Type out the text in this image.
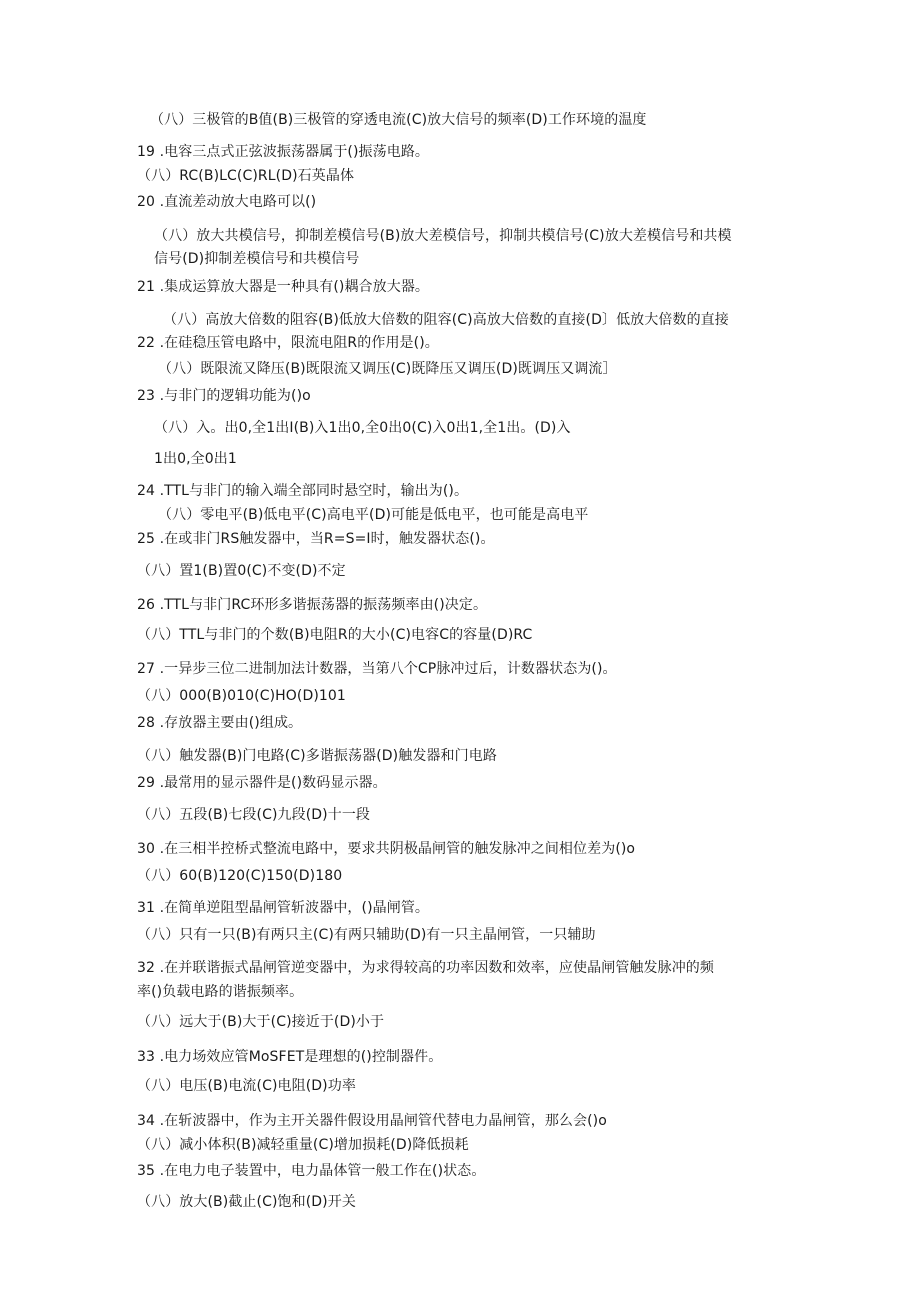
（八）三极管的B值(B)三极管的穿透电流(C)放大信号的频率(D)工作环境的温度
19 .电容三点式正弦波振荡器属于()振荡电路。
（八）RC(B)LC(C)RL(D)石英晶体
20 .直流差动放大电路可以()
（八）放大共模信号，抑制差模信号(B)放大差模信号，抑制共模信号(C)放大差模信号和共模
信号(D)抑制差模信号和共模信号
21 .集成运算放大器是一种具有()耦合放大器。
（八）高放大倍数的阻容(B)低放大倍数的阻容(C)高放大倍数的直接(D〕低放大倍数的直接
22 .在硅稳压管电路中，限流电阻R的作用是()。
（八）既限流又降压(B)既限流又调压(C)既降压又调压(D)既调压又调流］
23 .与非门的逻辑功能为()o
（八）入。出0,全1出I(B)入1出0,全0出0(C)入0出1,全1出。(D)入
1出0,全0出1
24 .TTL与非门的输入端全部同时悬空时，输出为()。
（八）零电平(B)低电平(C)高电平(D)可能是低电平，也可能是高电平
25 .在或非门RS触发器中，当R=S=I时，触发器状态()。
（八）置1(B)置0(C)不变(D)不定
26 .TTL与非门RC环形多谐振荡器的振荡频率由()决定。
（八）TTL与非门的个数(B)电阻R的大小(C)电容C的容量(D)RC
27 .一异步三位二进制加法计数器，当第八个CP脉冲过后，计数器状态为()。
（八）000(B)010(C)HO(D)101
28 .存放器主要由()组成。
（八）触发器(B)门电路(C)多谐振荡器(D)触发器和门电路
29 .最常用的显示器件是()数码显示器。
（八）五段(B)七段(C)九段(D)十一段
30 .在三相半控桥式整流电路中，要求共阴极晶闸管的触发脉冲之间相位差为()o
（八）60(B)120(C)150(D)180
31 .在简单逆阻型晶闸管斩波器中，()晶闸管。
（八）只有一只(B)有两只主(C)有两只辅助(D)有一只主晶闸管，一只辅助
32 .在并联谐振式晶闸管逆变器中，为求得较高的功率因数和效率，应使晶闸管触发脉冲的频
率()负载电路的谐振频率。
（八）远大于(B)大于(C)接近于(D)小于
33 .电力场效应管MoSFET是理想的()控制器件。
（八）电压(B)电流(C)电阻(D)功率
34 .在斩波器中，作为主开关器件假设用晶闸管代替电力晶闸管，那么会()o
（八）减小体积(B)减轻重量(C)增加损耗(D)降低损耗
35 .在电力电子装置中，电力晶体管一般工作在()状态。
（八）放大(B)截止(C)饱和(D)开关
